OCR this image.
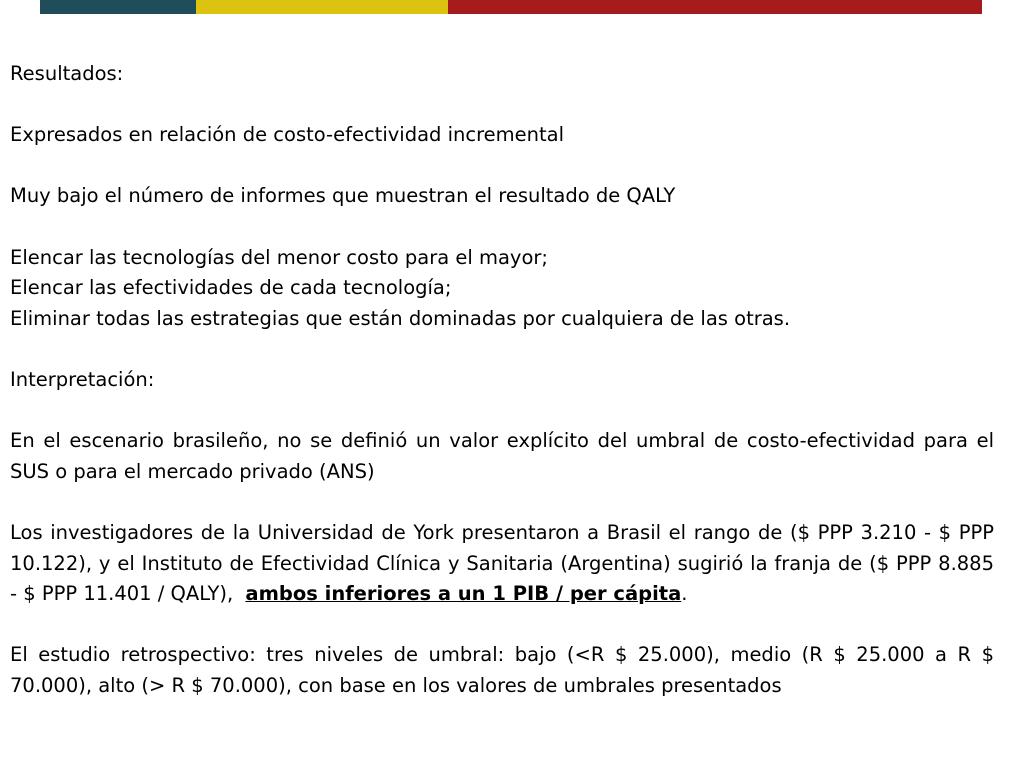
Resultados:

Expresados en relación de costo-efectividad incremental

Muy bajo el número de informes que muestran el resultado de QALY

Elencar las tecnologías del menor costo para el mayor;

Elencar las efectividades de cada tecnología;

Eliminar todas las estrategias que están dominadas por cualquiera de las otras.

Interpretación:

En el escenario brasileño, no se definió un valor explícito del umbral de costo-efectividad para el SUS o para el mercado privado (ANS)

Los investigadores de la Universidad de York presentaron a Brasil el rango de ($ PPP 3.210 - $ PPP 10.122), y el Instituto de Efectividad Clínica y Sanitaria (Argentina) sugirió la franja de ($ PPP 8.885 - $ PPP 11.401 / QALY), ambos inferiores a un 1 PIB / per cápita.

El estudio retrospectivo: tres niveles de umbral: bajo (<R $ 25.000), medio (R $ 25.000 a R $ 70.000), alto (> R $ 70.000), con base en los valores de umbrales presentados
